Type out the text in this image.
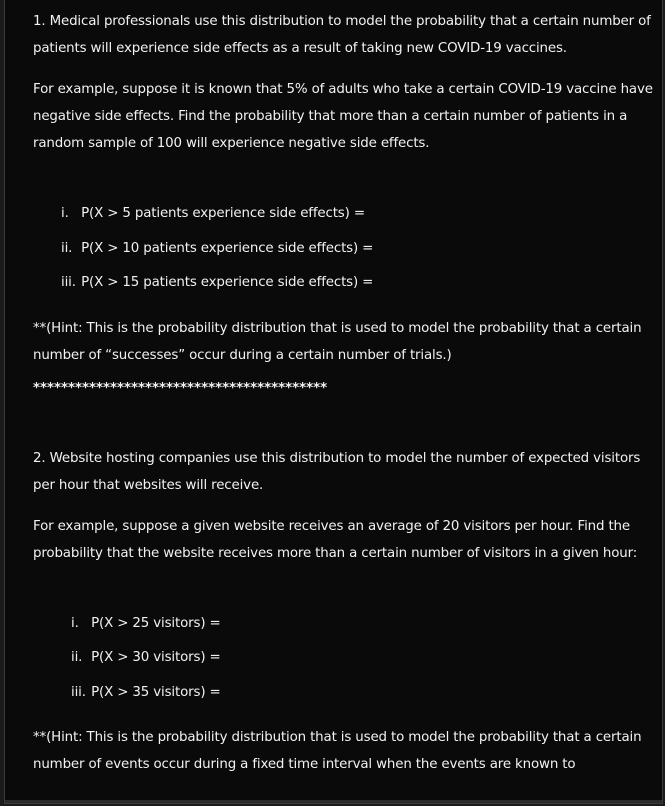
1. Medical professionals use this distribution to model the probability that a certain number of patients will experience side effects as a result of taking new COVID-19 vaccines.

For example, suppose it is known that 5% of adults who take a certain COVID-19 vaccine have negative side effects. Find the probability that more than a certain number of patients in a random sample of 100 will experience negative side effects.

i. P(X > 5 patients experience side effects) =
ii. P(X > 10 patients experience side effects) =
iii. P(X > 15 patients experience side effects) =

**(Hint: This is the probability distribution that is used to model the probability that a certain number of “successes” occur during a certain number of trials.)

******************************************

2. Website hosting companies use this distribution to model the number of expected visitors per hour that websites will receive.

For example, suppose a given website receives an average of 20 visitors per hour. Find the probability that the website receives more than a certain number of visitors in a given hour:

i. P(X > 25 visitors) =
ii. P(X > 30 visitors) =
iii. P(X > 35 visitors) =

**(Hint: This is the probability distribution that is used to model the probability that a certain number of events occur during a fixed time interval when the events are known to
